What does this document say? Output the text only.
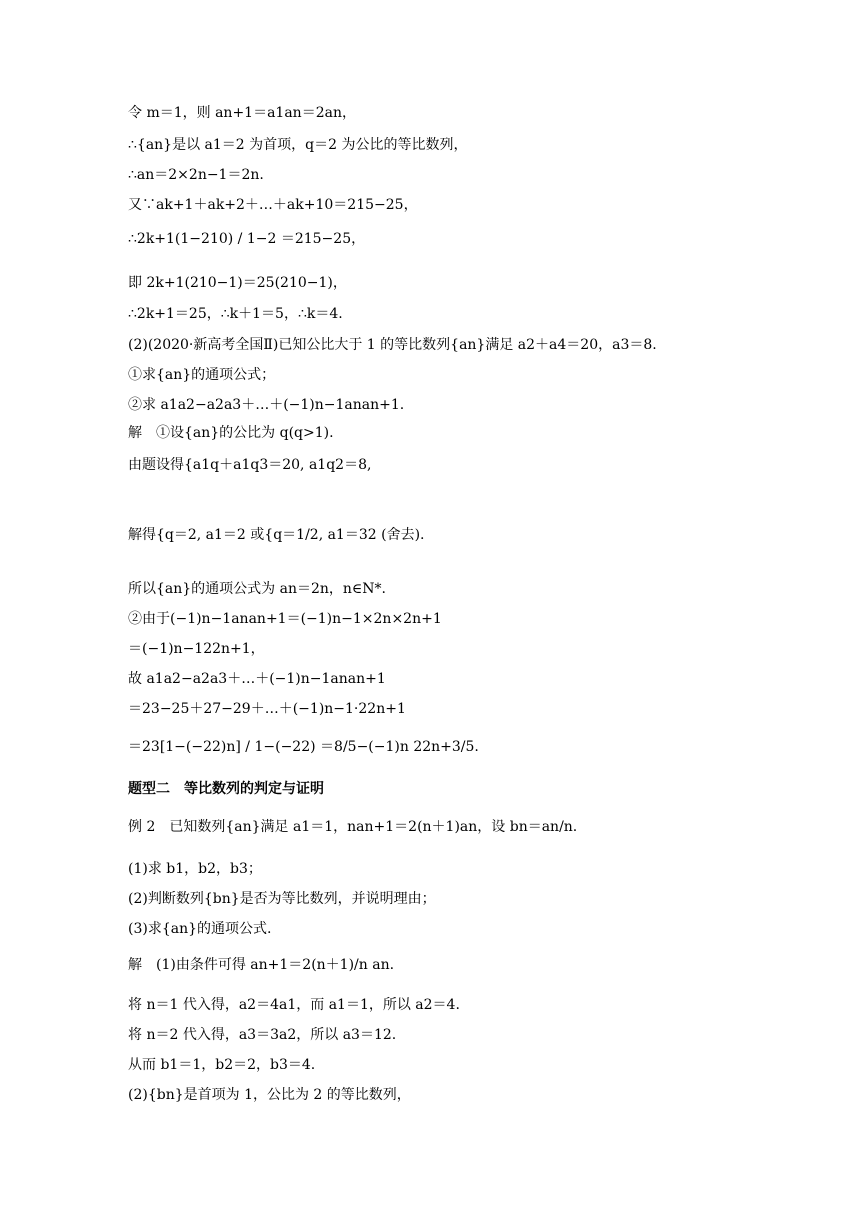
令 m＝1，则 an+1＝a1an＝2an，
∴{an}是以 a1＝2 为首项，q＝2 为公比的等比数列，
∴an＝2×2n−1＝2n.
又∵ak+1＋ak+2＋…＋ak+10＝215−25，
∴2k+1(1−210) / 1−2 ＝215−25，
即 2k+1(210−1)＝25(210−1)，
∴2k+1＝25，∴k＋1＝5，∴k＝4.
(2)(2020·新高考全国Ⅱ)已知公比大于 1 的等比数列{an}满足 a2＋a4＝20，a3＝8.
①求{an}的通项公式；
②求 a1a2−a2a3＋…＋(−1)n−1anan+1.
解　①设{an}的公比为 q(q>1).
由题设得{a1q＋a1q3＝20, a1q2＝8,
解得{q＝2, a1＝2 或{q＝1/2, a1＝32 (舍去).
所以{an}的通项公式为 an＝2n，n∈N*.
②由于(−1)n−1anan+1＝(−1)n−1×2n×2n+1
＝(−1)n−122n+1，
故 a1a2−a2a3＋…＋(−1)n−1anan+1
＝23−25＋27−29＋…＋(−1)n−1·22n+1
＝23[1−(−22)n] / 1−(−22) ＝8/5−(−1)n 22n+3/5.
题型二　等比数列的判定与证明
例 2　已知数列{an}满足 a1＝1，nan+1＝2(n＋1)an，设 bn＝an/n.
(1)求 b1，b2，b3；
(2)判断数列{bn}是否为等比数列，并说明理由；
(3)求{an}的通项公式.
解　(1)由条件可得 an+1＝2(n＋1)/n an.
将 n＝1 代入得，a2＝4a1，而 a1＝1，所以 a2＝4.
将 n＝2 代入得，a3＝3a2，所以 a3＝12.
从而 b1＝1，b2＝2，b3＝4.
(2){bn}是首项为 1，公比为 2 的等比数列，
